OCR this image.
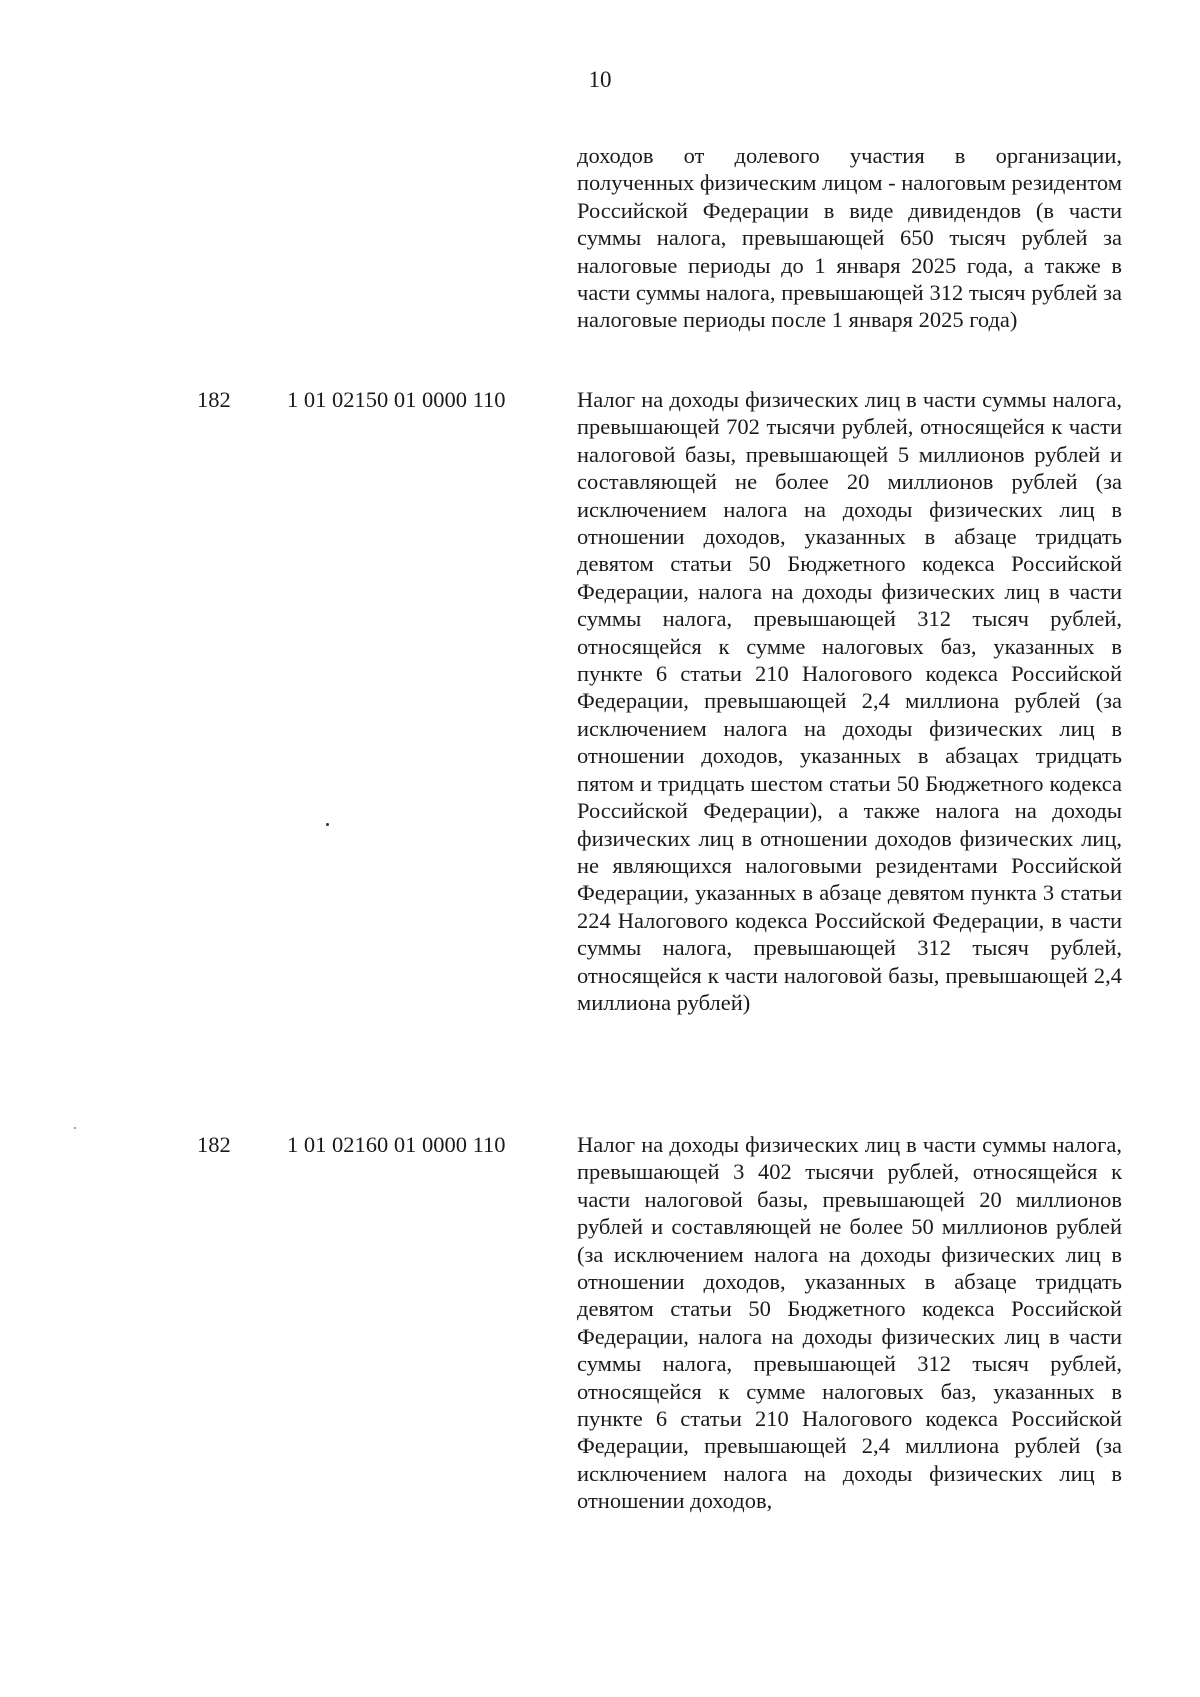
10

доходов от долевого участия в организации, полученных физическим лицом - налоговым резидентом Российской Федерации в виде дивидендов (в части суммы налога, превышающей 650 тысяч рублей за налоговые периоды до 1 января 2025 года, а также в части суммы налога, превышающей 312 тысяч рублей за налоговые периоды после 1 января 2025 года)

182	1 01 02150 01 0000 110	Налог на доходы физических лиц в части суммы налога, превышающей 702 тысячи рублей, относящейся к части налоговой базы, превышающей 5 миллионов рублей и составляющей не более 20 миллионов рублей (за исключением налога на доходы физических лиц в отношении доходов, указанных в абзаце тридцать девятом статьи 50 Бюджетного кодекса Российской Федерации, налога на доходы физических лиц в части суммы налога, превышающей 312 тысяч рублей, относящейся к сумме налоговых баз, указанных в пункте 6 статьи 210 Налогового кодекса Российской Федерации, превышающей 2,4 миллиона рублей (за исключением налога на доходы физических лиц в отношении доходов, указанных в абзацах тридцать пятом и тридцать шестом статьи 50 Бюджетного кодекса Российской Федерации), а также налога на доходы физических лиц в отношении доходов физических лиц, не являющихся налоговыми резидентами Российской Федерации, указанных в абзаце девятом пункта 3 статьи 224 Налогового кодекса Российской Федерации, в части суммы налога, превышающей 312 тысяч рублей, относящейся к части налоговой базы, превышающей 2,4 миллиона рублей)

182	1 01 02160 01 0000 110	Налог на доходы физических лиц в части суммы налога, превышающей 3 402 тысячи рублей, относящейся к части налоговой базы, превышающей 20 миллионов рублей и составляющей не более 50 миллионов рублей (за исключением налога на доходы физических лиц в отношении доходов, указанных в абзаце тридцать девятом статьи 50 Бюджетного кодекса Российской Федерации, налога на доходы физических лиц в части суммы налога, превышающей 312 тысяч рублей, относящейся к сумме налоговых баз, указанных в пункте 6 статьи 210 Налогового кодекса Российской Федерации, превышающей 2,4 миллиона рублей (за исключением налога на доходы физических лиц в отношении доходов,
